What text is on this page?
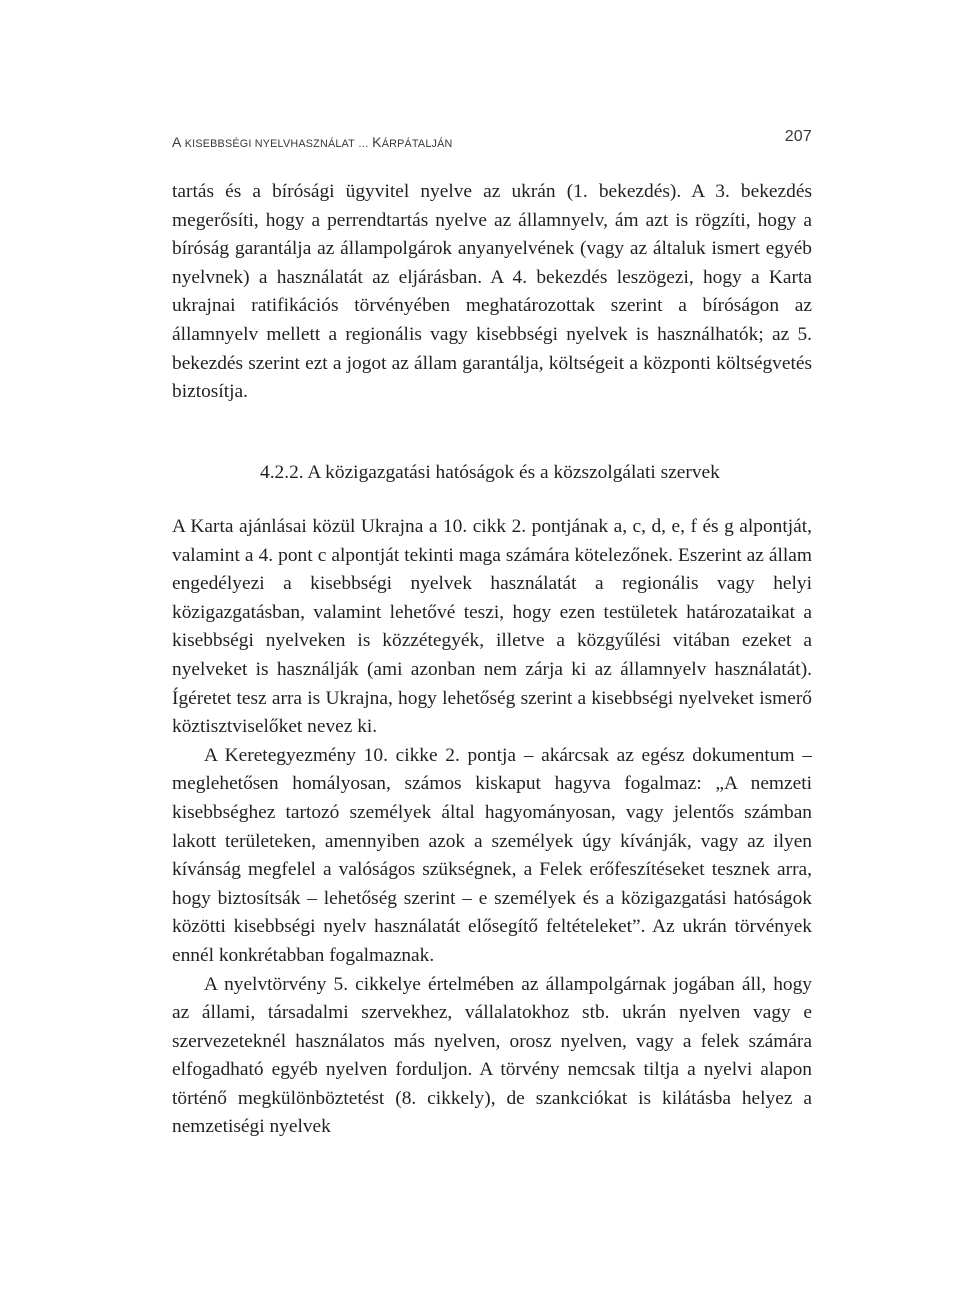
A KISEBBSÉGI NYELVHASZNÁLAT … KÁRPÁTALJÁN	207

tartás és a bírósági ügyvitel nyelve az ukrán (1. bekezdés). A 3. bekezdés megerősíti, hogy a perrendtartás nyelve az államnyelv, ám azt is rögzíti, hogy a bíróság garantálja az állampolgárok anyanyelvének (vagy az általuk ismert egyéb nyelvnek) a használatát az eljárásban. A 4. bekezdés leszögezi, hogy a Karta ukrajnai ratifikációs törvényében meghatározottak szerint a bíróságon az államnyelv mellett a regionális vagy kisebbségi nyelvek is használhatók; az 5. bekezdés szerint ezt a jogot az állam garantálja, költségeit a központi költségvetés biztosítja.

4.2.2. A közigazgatási hatóságok és a közszolgálati szervek

A Karta ajánlásai közül Ukrajna a 10. cikk 2. pontjának a, c, d, e, f és g alpontját, valamint a 4. pont c alpontját tekinti maga számára kötelezőnek. Eszerint az állam engedélyezi a kisebbségi nyelvek használatát a regionális vagy helyi közigazgatásban, valamint lehetővé teszi, hogy ezen testületek határozataikat a kisebbségi nyelveken is közzétegyék, illetve a közgyűlési vitában ezeket a nyelveket is használják (ami azonban nem zárja ki az államnyelv használatát). Ígéretet tesz arra is Ukrajna, hogy lehetőség szerint a kisebbségi nyelveket ismerő köztisztviselőket nevez ki.

A Keretegyezmény 10. cikke 2. pontja – akárcsak az egész dokumentum – meglehetősen homályosan, számos kiskaput hagyva fogalmaz: „A nemzeti kisebbséghez tartozó személyek által hagyományosan, vagy jelentős számban lakott területeken, amennyiben azok a személyek úgy kívánják, vagy az ilyen kívánság megfelel a valóságos szükségnek, a Felek erőfeszítéseket tesznek arra, hogy biztosítsák – lehetőség szerint – e személyek és a közigazgatási hatóságok közötti kisebbségi nyelv használatát elősegítő feltételeket”. Az ukrán törvények ennél konkrétabban fogalmaznak.

A nyelvtörvény 5. cikkelye értelmében az állampolgárnak jogában áll, hogy az állami, társadalmi szervekhez, vállalatokhoz stb. ukrán nyelven vagy e szervezeteknél használatos más nyelven, orosz nyelven, vagy a felek számára elfogadható egyéb nyelven forduljon. A törvény nemcsak tiltja a nyelvi alapon történő megkülönböztetést (8. cikkely), de szankciókat is kilátásba helyez a nemzetiségi nyelvek
